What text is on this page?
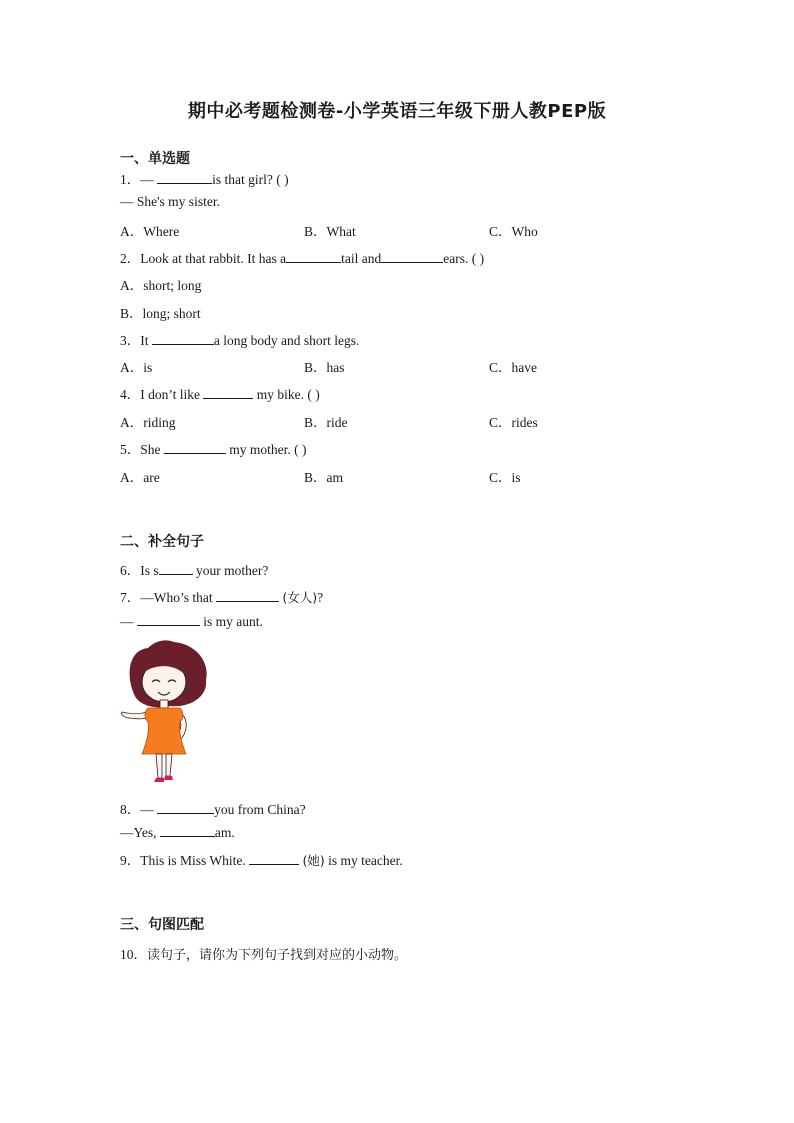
期中必考题检测卷-小学英语三年级下册人教PEP版
一、单选题
1．—	is that girl? ( )
— She's my sister.
A．Where	B．What	C．Who
2．Look at that rabbit. It has a	tail and	ears. ( )
A．short; long
B．long; short
3．It	a long body and short legs.
A．is	B．has	C．have
4．I don’t like	my bike. ( )
A．riding	B．ride	C．rides
5．She	my mother. ( )
A．are	B．am	C．is
二、补全句子
6．Is s	your mother?
7．—Who’s that	(女人)?
—	is my aunt.
8．—	you from China?
—Yes,	am.
9．This is Miss White.	(她) is my teacher.
三、句图匹配
10．读句子，请你为下列句子找到对应的小动物。
